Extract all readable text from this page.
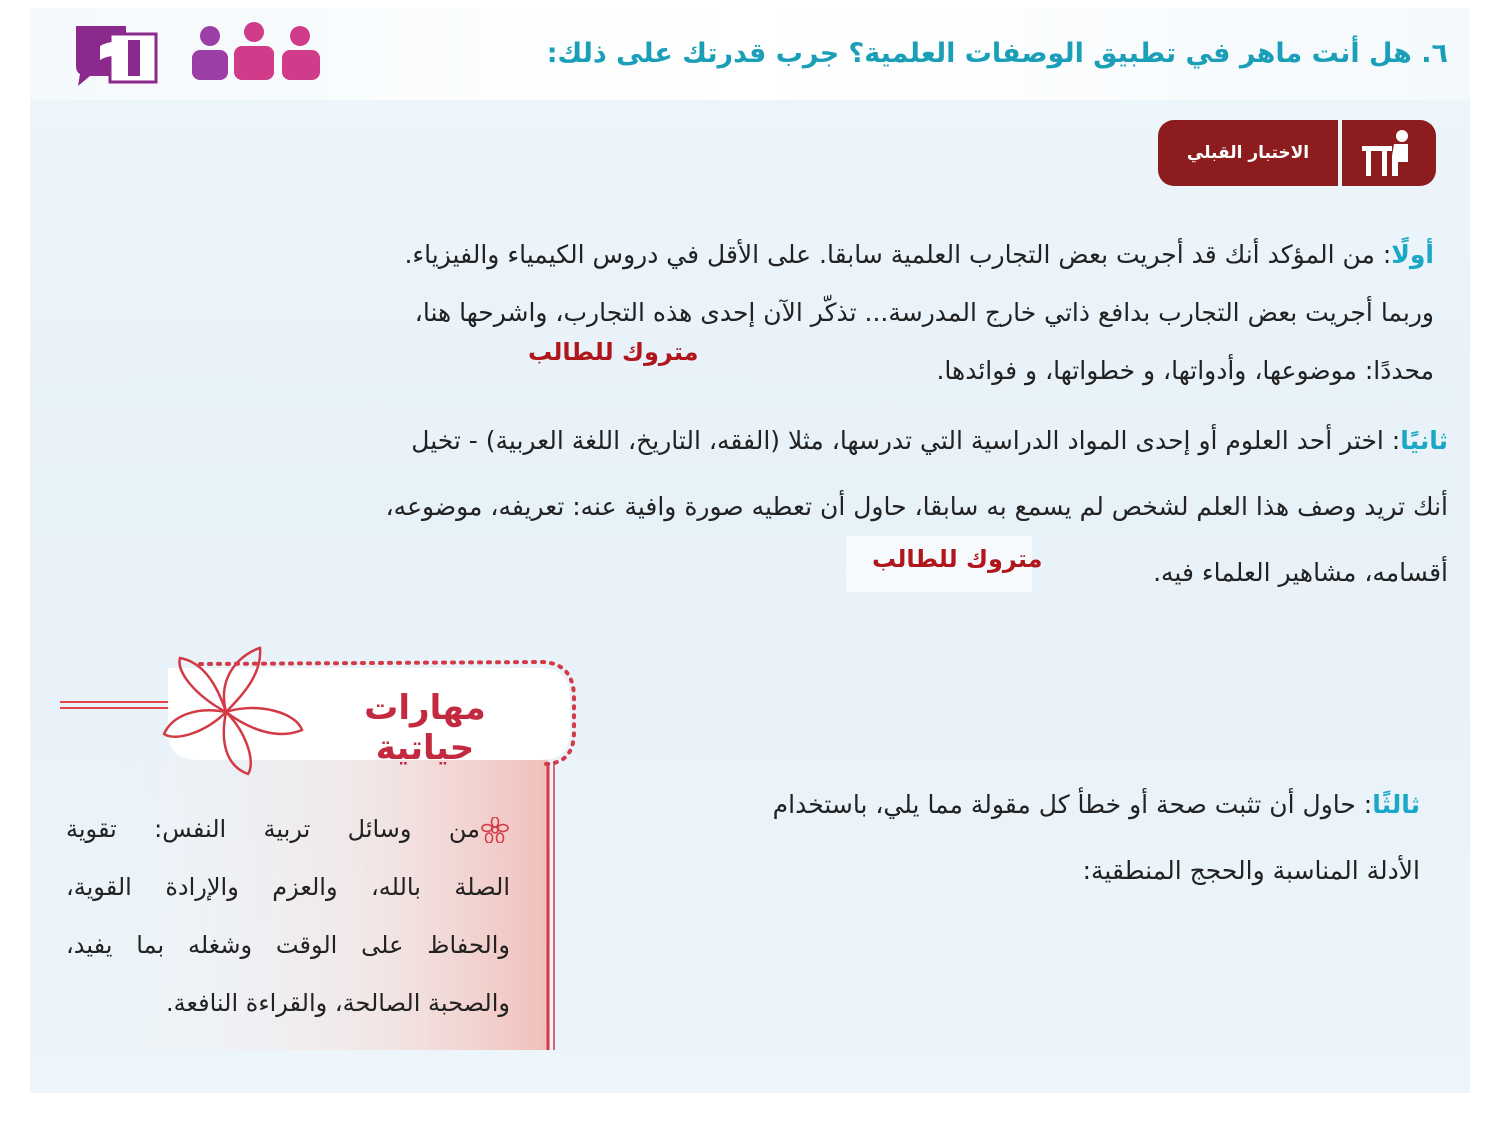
٦. هل أنت ماهر في تطبيق الوصفات العلمية؟ جرب قدرتك على ذلك:
الاختبار القبلي
أولًا: من المؤكد أنك قد أجريت بعض التجارب العلمية سابقا. على الأقل في دروس الكيمياء والفيزياء.
وربما أجريت بعض التجارب بدافع ذاتي خارج المدرسة... تذكّر الآن إحدى هذه التجارب، واشرحها هنا،
محددًا: موضوعها، وأدواتها، و خطواتها، و فوائدها.
متروك للطالب
ثانيًا: اختر أحد العلوم أو إحدى المواد الدراسية التي تدرسها، مثلا (الفقه، التاريخ، اللغة العربية) - تخيل
أنك تريد وصف هذا العلم لشخص لم يسمع به سابقا، حاول أن تعطيه صورة وافية عنه: تعريفه، موضوعه،
أقسامه، مشاهير العلماء فيه.
متروك للطالب
ثالثًا: حاول أن تثبت صحة أو خطأ كل مقولة مما يلي، باستخدام
الأدلة المناسبة والحجج المنطقية:
مهارات حياتية
من وسائل تربية النفس: تقوية
الصلة بالله، والعزم والإرادة القوية،
والحفاظ على الوقت وشغله بما يفيد،
والصحبة الصالحة، والقراءة النافعة.
